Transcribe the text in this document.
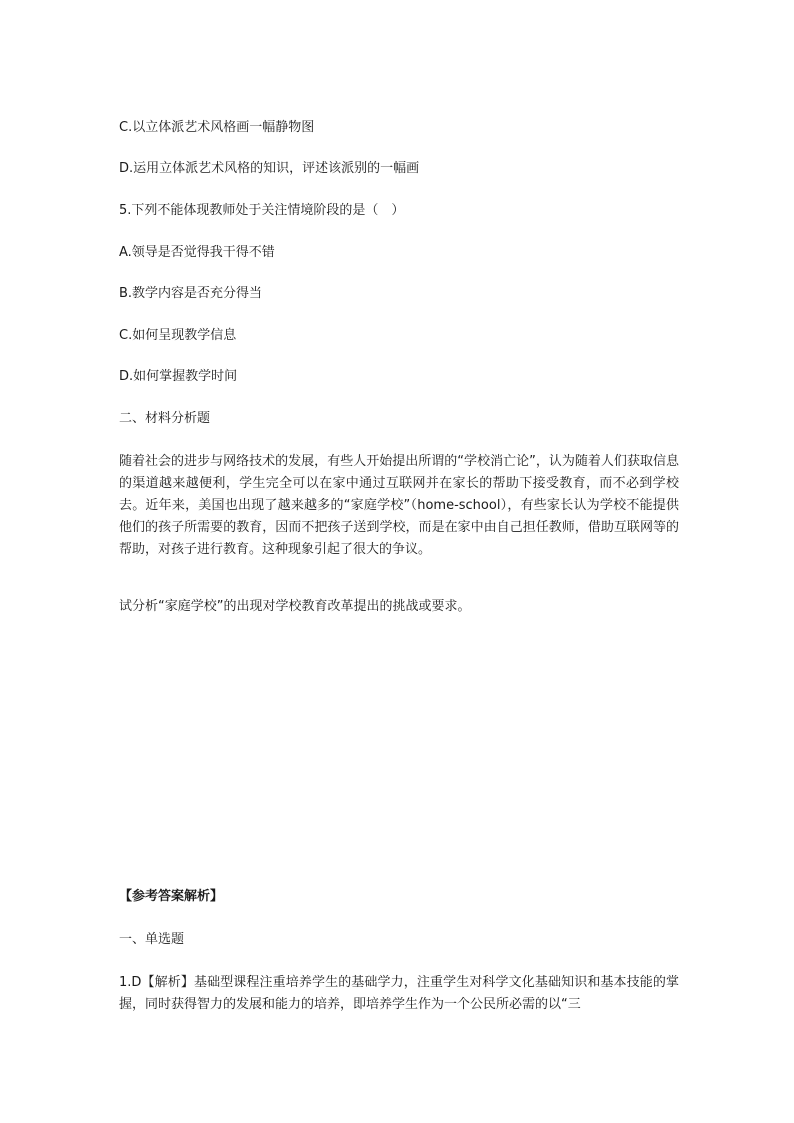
C.以立体派艺术风格画一幅静物图
D.运用立体派艺术风格的知识，评述该派别的一幅画
5.下列不能体现教师处于关注情境阶段的是（　）
A.领导是否觉得我干得不错
B.教学内容是否充分得当
C.如何呈现教学信息
D.如何掌握教学时间
二、材料分析题
随着社会的进步与网络技术的发展，有些人开始提出所谓的“学校消亡论”，认为随着人们获取信息的渠道越来越便利，学生完全可以在家中通过互联网并在家长的帮助下接受教育，而不必到学校去。近年来，美国也出现了越来越多的“家庭学校”（home-school），有些家长认为学校不能提供他们的孩子所需要的教育，因而不把孩子送到学校，而是在家中由自己担任教师，借助互联网等的帮助，对孩子进行教育。这种现象引起了很大的争议。
试分析“家庭学校”的出现对学校教育改革提出的挑战或要求。
【参考答案解析】
一、单选题
1.D【解析】基础型课程注重培养学生的基础学力，注重学生对科学文化基础知识和基本技能的掌握，同时获得智力的发展和能力的培养，即培养学生作为一个公民所必需的以“三
